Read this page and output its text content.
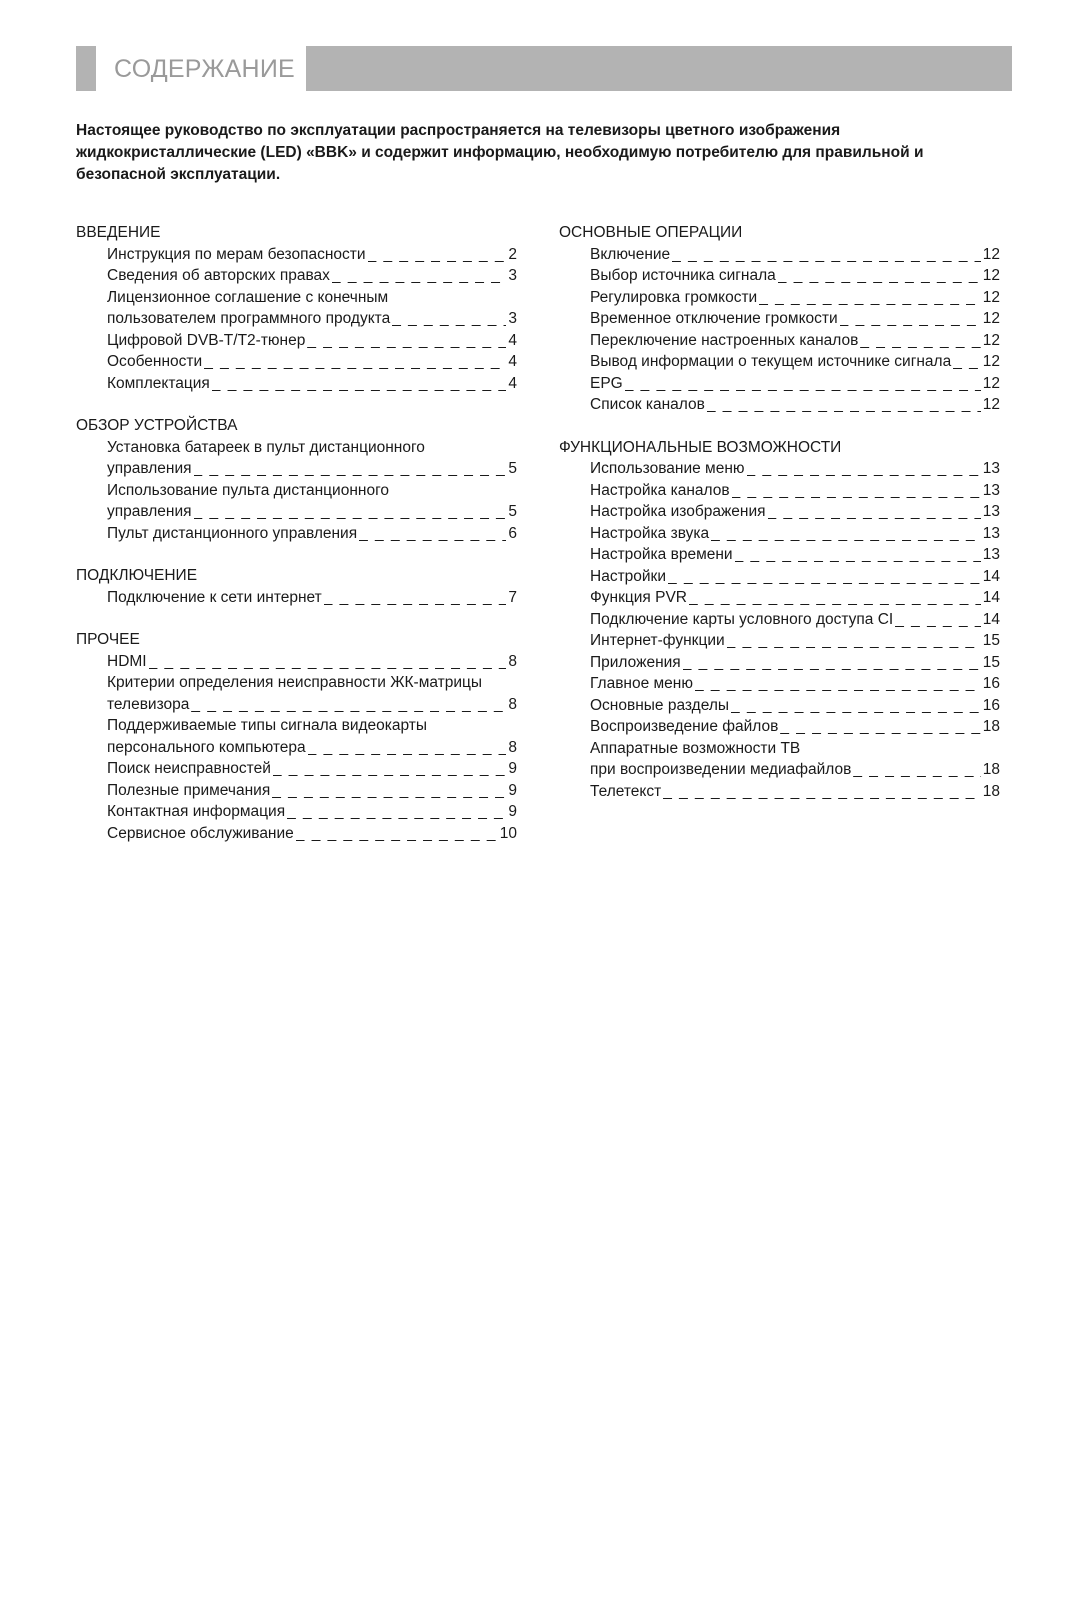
СОДЕРЖАНИЕ
Настоящее руководство по эксплуатации распространяется на телевизоры цветного изображения
жидкокристаллические (LED) «BBK» и содержит информацию, необходимую потребителю для правильной и
безопасной эксплуатации.
ВВЕДЕНИЕ
Инструкция по мерам безопасности _ _ _	2
Сведения об авторских правах _ _ _	3
Лицензионное соглашение с конечным
пользователем программного продукта _ _ _	3
Цифровой DVB-T/T2-тюнер _ _ _	4
Особенности _ _ _	4
Комплектация _ _ _	4
ОБЗОР УСТРОЙСТВА
Установка батареек в пульт дистанционного
управления _ _ _	5
Использование пульта дистанционного
управления _ _ _	5
Пульт дистанционного управления _ _ _	6
ПОДКЛЮЧЕНИЕ
Подключение к сети интернет _ _ _	7
ПРОЧЕЕ
HDMI _ _ _	8
Критерии определения неисправности ЖК-матрицы
телевизора _ _ _	8
Поддерживаемые типы сигнала видеокарты
персонального компьютера _ _ _	8
Поиск неисправностей _ _ _	9
Полезные примечания _ _ _	9
Контактная информация _ _ _	9
Сервисное обслуживание _ _ _	10
ОСНОВНЫЕ ОПЕРАЦИИ
Включение _ _ _	12
Выбор источника сигнала _ _ _	12
Регулировка громкости _ _ _	12
Временное отключение громкости _ _ _	12
Переключение настроенных каналов _ _ _	12
Вывод информации о текущем источнике сигнала _ _ _ 12
EPG _ _ _	12
Список каналов _ _ _	12
ФУНКЦИОНАЛЬНЫЕ ВОЗМОЖНОСТИ
Использование меню _ _ _	13
Настройка каналов _ _ _	13
Настройка изображения _ _ _	13
Настройка звука _ _ _	13
Настройка времени _ _ _	13
Настройки _ _ _	14
Функция PVR _ _ _	14
Подключение карты условного доступа CI _ _ _	14
Интернет-функции _ _ _	15
Приложения _ _ _	15
Главное меню _ _ _	16
Основные разделы _ _ _	16
Воспроизведение файлов _ _ _	18
Аппаратные возможности ТВ
при воспроизведении медиафайлов _ _ _	18
Телетекст _ _ _	18
